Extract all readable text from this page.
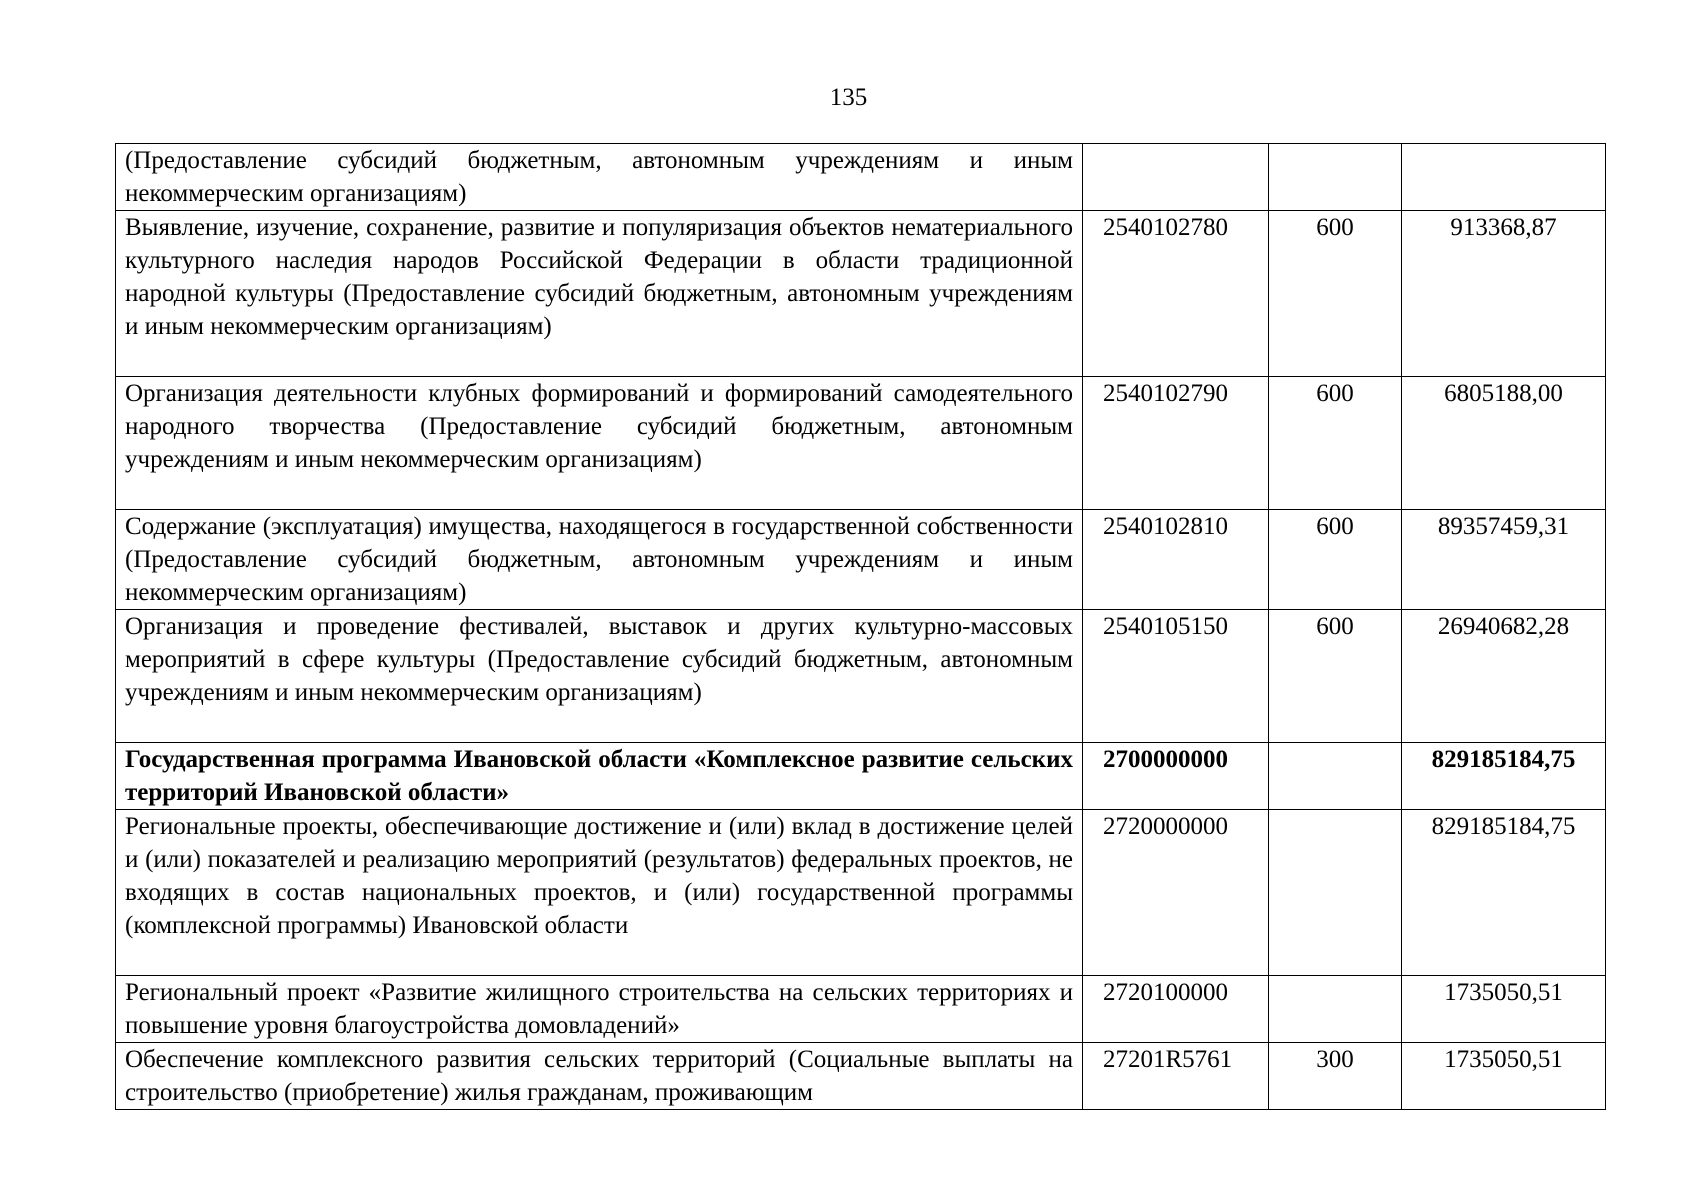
135
(Предоставление субсидий бюджетным, автономным учреждениям и иным некоммерческим организациям)			
Выявление, изучение, сохранение, развитие и популяризация объектов нематериального культурного наследия народов Российской Федерации в области традиционной народной культуры (Предоставление субсидий бюджетным, автономным учреждениям и иным некоммерческим организациям)	2540102780	600	913368,87
Организация деятельности клубных формирований и формирований самодеятельного народного творчества (Предоставление субсидий бюджетным, автономным учреждениям и иным некоммерческим организациям)	2540102790	600	6805188,00
Содержание (эксплуатация) имущества, находящегося в государственной собственности (Предоставление субсидий бюджетным, автономным учреждениям и иным некоммерческим организациям)	2540102810	600	89357459,31
Организация и проведение фестивалей, выставок и других культурно-массовых мероприятий в сфере культуры (Предоставление субсидий бюджетным, автономным учреждениям и иным некоммерческим организациям)	2540105150	600	26940682,28
Государственная программа Ивановской области «Комплексное развитие сельских территорий Ивановской области»	2700000000		829185184,75
Региональные проекты, обеспечивающие достижение и (или) вклад в достижение целей и (или) показателей и реализацию мероприятий (результатов) федеральных проектов, не входящих в состав национальных проектов, и (или) государственной программы (комплексной программы) Ивановской области	2720000000		829185184,75
Региональный проект «Развитие жилищного строительства на сельских территориях и повышение уровня благоустройства домовладений»	2720100000		1735050,51
Обеспечение комплексного развития сельских территорий (Социальные выплаты на строительство (приобретение) жилья гражданам, проживающим	27201R5761	300	1735050,51
